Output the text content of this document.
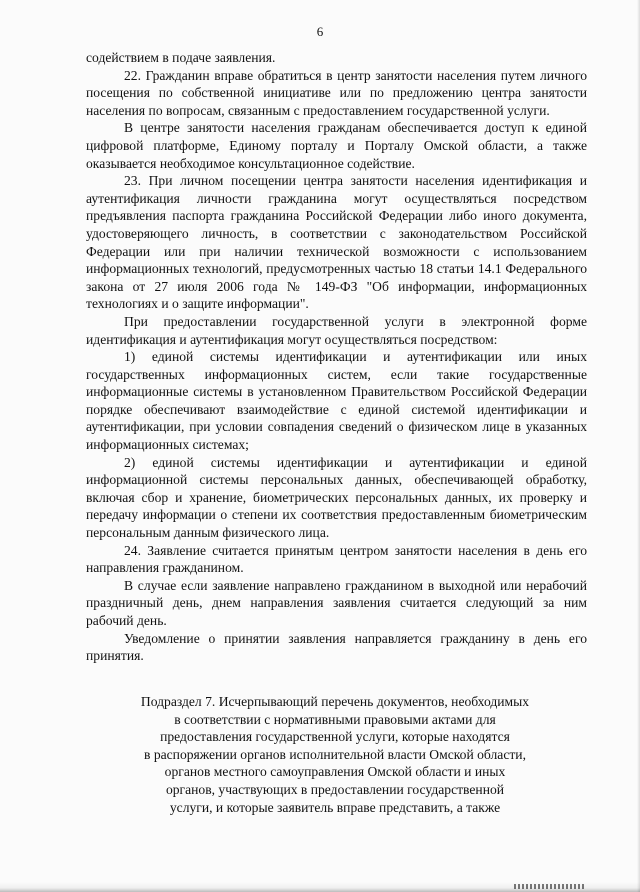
6

содействием в подаче заявления.

22. Гражданин вправе обратиться в центр занятости населения путем личного посещения по собственной инициативе или по предложению центра занятости населения по вопросам, связанным с предоставлением государственной услуги.

В центре занятости населения гражданам обеспечивается доступ к единой цифровой платформе, Единому порталу и Порталу Омской области, а также оказывается необходимое консультационное содействие.

23. При личном посещении центра занятости населения идентификация и аутентификация личности гражданина могут осуществляться посредством предъявления паспорта гражданина Российской Федерации либо иного документа, удостоверяющего личность, в соответствии с законодательством Российской Федерации или при наличии технической возможности с использованием информационных технологий, предусмотренных частью 18 статьи 14.1 Федерального закона от 27 июля 2006 года № 149-ФЗ "Об информации, информационных технологиях и о защите информации".

При предоставлении государственной услуги в электронной форме идентификация и аутентификация могут осуществляться посредством:

1) единой системы идентификации и аутентификации или иных государственных информационных систем, если такие государственные информационные системы в установленном Правительством Российской Федерации порядке обеспечивают взаимодействие с единой системой идентификации и аутентификации, при условии совпадения сведений о физическом лице в указанных информационных системах;

2) единой системы идентификации и аутентификации и единой информационной системы персональных данных, обеспечивающей обработку, включая сбор и хранение, биометрических персональных данных, их проверку и передачу информации о степени их соответствия предоставленным биометрическим персональным данным физического лица.

24. Заявление считается принятым центром занятости населения в день его направления гражданином.

В случае если заявление направлено гражданином в выходной или нерабочий праздничный день, днем направления заявления считается следующий за ним рабочий день.

Уведомление о принятии заявления направляется гражданину в день его принятия.

Подраздел 7. Исчерпывающий перечень документов, необходимых
в соответствии с нормативными правовыми актами для
предоставления государственной услуги, которые находятся
в распоряжении органов исполнительной власти Омской области,
органов местного самоуправления Омской области и иных
органов, участвующих в предоставлении государственной
услуги, и которые заявитель вправе представить, а также
